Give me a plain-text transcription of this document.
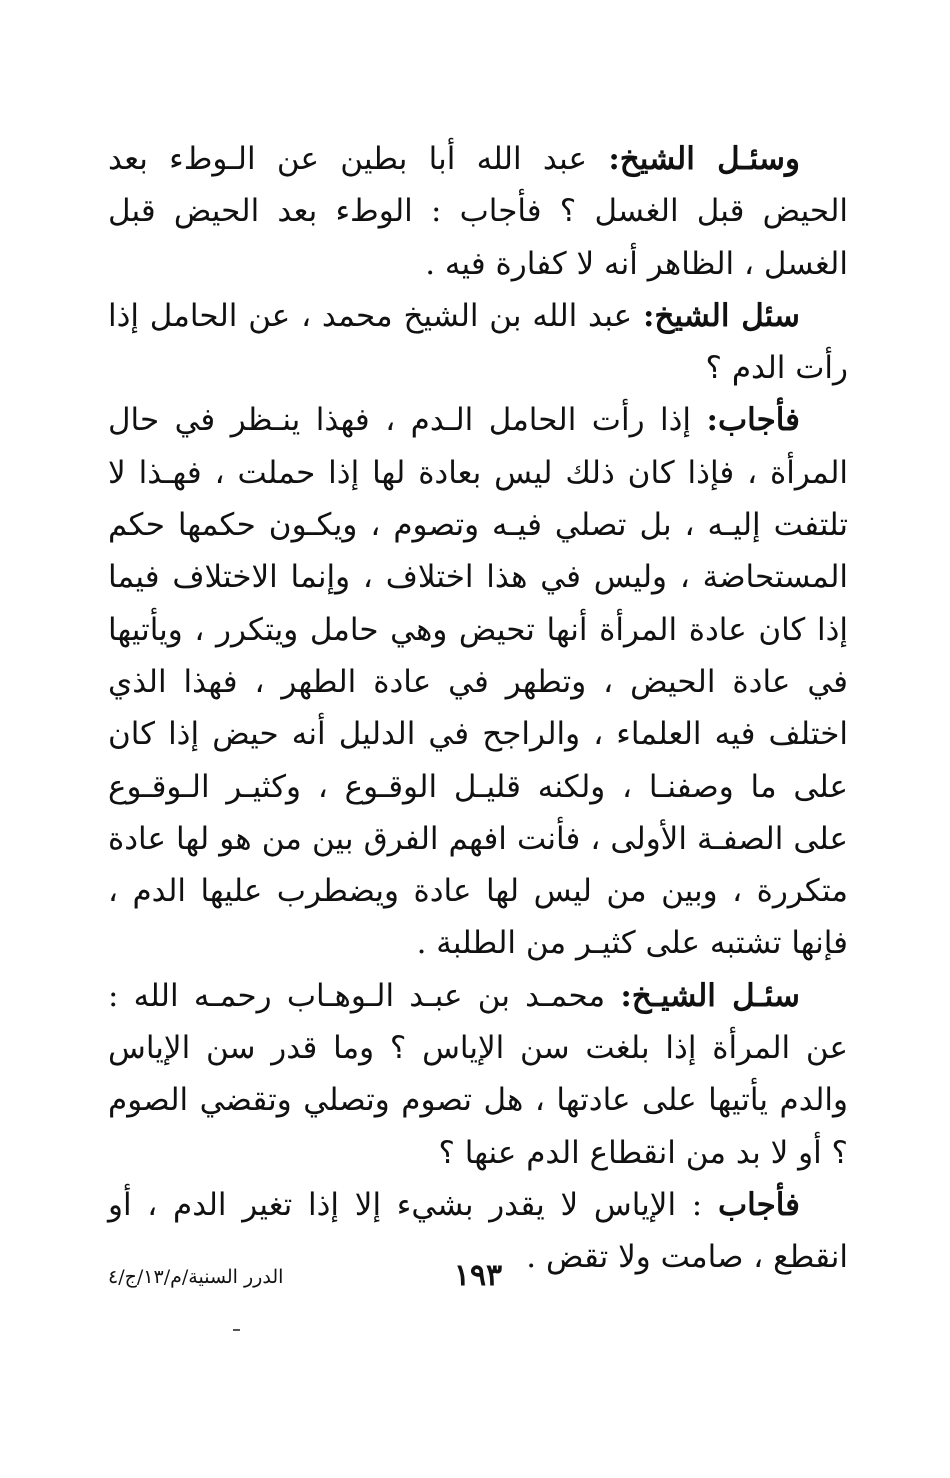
وسئـل الشيخ: عبد الله أبا بطين عن الـوطء بعد الحيض قبل الغسل ؟ فأجاب : الوطء بعد الحيض قبل الغسل ، الظاهر أنه لا كفارة فيه .

سئل الشيخ: عبد الله بن الشيخ محمد ، عن الحامل إذا رأت الدم ؟

فأجاب: إذا رأت الحامل الـدم ، فهذا ينـظر في حال المرأة ، فإذا كان ذلك ليس بعادة لها إذا حملت ، فهـذا لا تلتفت إليـه ، بل تصلي فيـه وتصوم ، ويكـون حكمها حكم المستحاضة ، وليس في هذا اختلاف ، وإنما الاختلاف فيما إذا كان عادة المرأة أنها تحيض وهي حامل ويتكرر ، ويأتيها في عادة الحيض ، وتطهر في عادة الطهر ، فهذا الذي اختلف فيه العلماء ، والراجح في الدليل أنه حيض إذا كان على ما وصفنـا ، ولكنه قليـل الوقـوع ، وكثيـر الـوقـوع على الصفـة الأولى ، فأنت افهم الفرق بين من هو لها عادة متكررة ، وبين من ليس لها عادة ويضطرب عليها الدم ، فإنها تشتبه على كثيـر من الطلبة .

سئـل الشيـخ: محمـد بن عبـد الـوهـاب رحمـه الله : عن المرأة إذا بلغت سن الإياس ؟ وما قدر سن الإياس والدم يأتيها على عادتها ، هل تصوم وتصلي وتقضي الصوم ؟ أو لا بد من انقطاع الدم عنها ؟

فأجاب : الإياس لا يقدر بشيء إلا إذا تغير الدم ، أو انقطع ، صامت ولا تقض .

١٩٣
الدرر السنية/م/١٣/ج/٤
